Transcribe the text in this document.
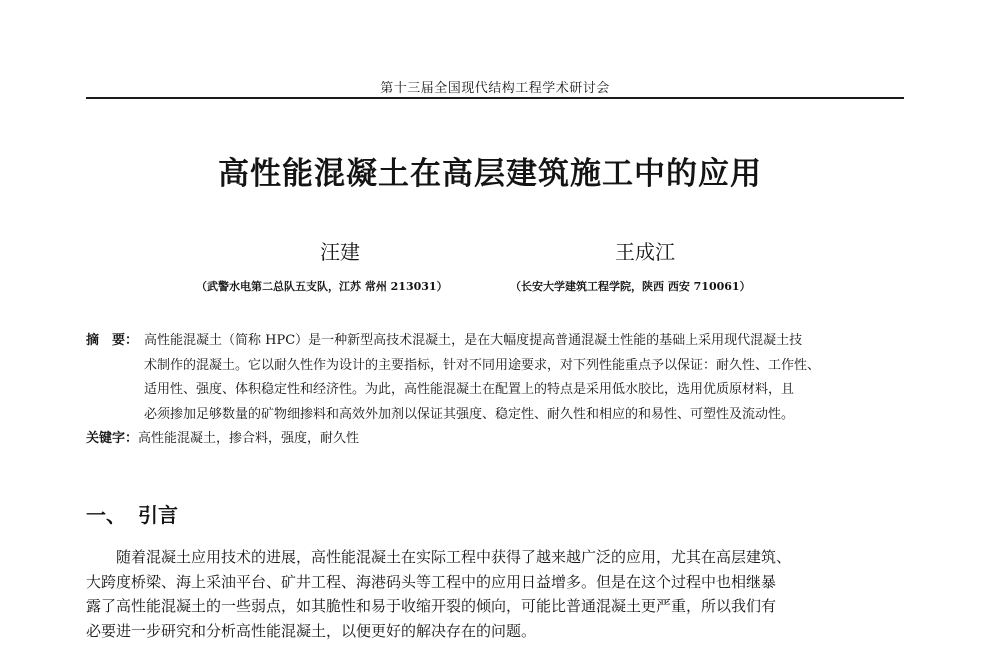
第十三届全国现代结构工程学术研讨会
高性能混凝土在高层建筑施工中的应用
汪建	王成江
（武警水电第二总队五支队，江苏 常州 213031）	（长安大学建筑工程学院，陕西 西安 710061）
摘　要： 高性能混凝土（简称 HPC）是一种新型高技术混凝土，是在大幅度提高普通混凝土性能的基础上采用现代混凝土技
术制作的混凝土。它以耐久性作为设计的主要指标，针对不同用途要求，对下列性能重点予以保证：耐久性、工作性、
适用性、强度、体积稳定性和经济性。为此，高性能混凝土在配置上的特点是采用低水胶比，选用优质原材料，且
必须掺加足够数量的矿物细掺料和高效外加剂以保证其强度、稳定性、耐久性和相应的和易性、可塑性及流动性。
关键字：高性能混凝土，掺合料，强度，耐久性
一、 引言
随着混凝土应用技术的进展，高性能混凝土在实际工程中获得了越来越广泛的应用，尤其在高层建筑、
大跨度桥梁、海上采油平台、矿井工程、海港码头等工程中的应用日益增多。但是在这个过程中也相继暴
露了高性能混凝土的一些弱点，如其脆性和易于收缩开裂的倾向，可能比普通混凝土更严重，所以我们有
必要进一步研究和分析高性能混凝土，以便更好的解决存在的问题。
